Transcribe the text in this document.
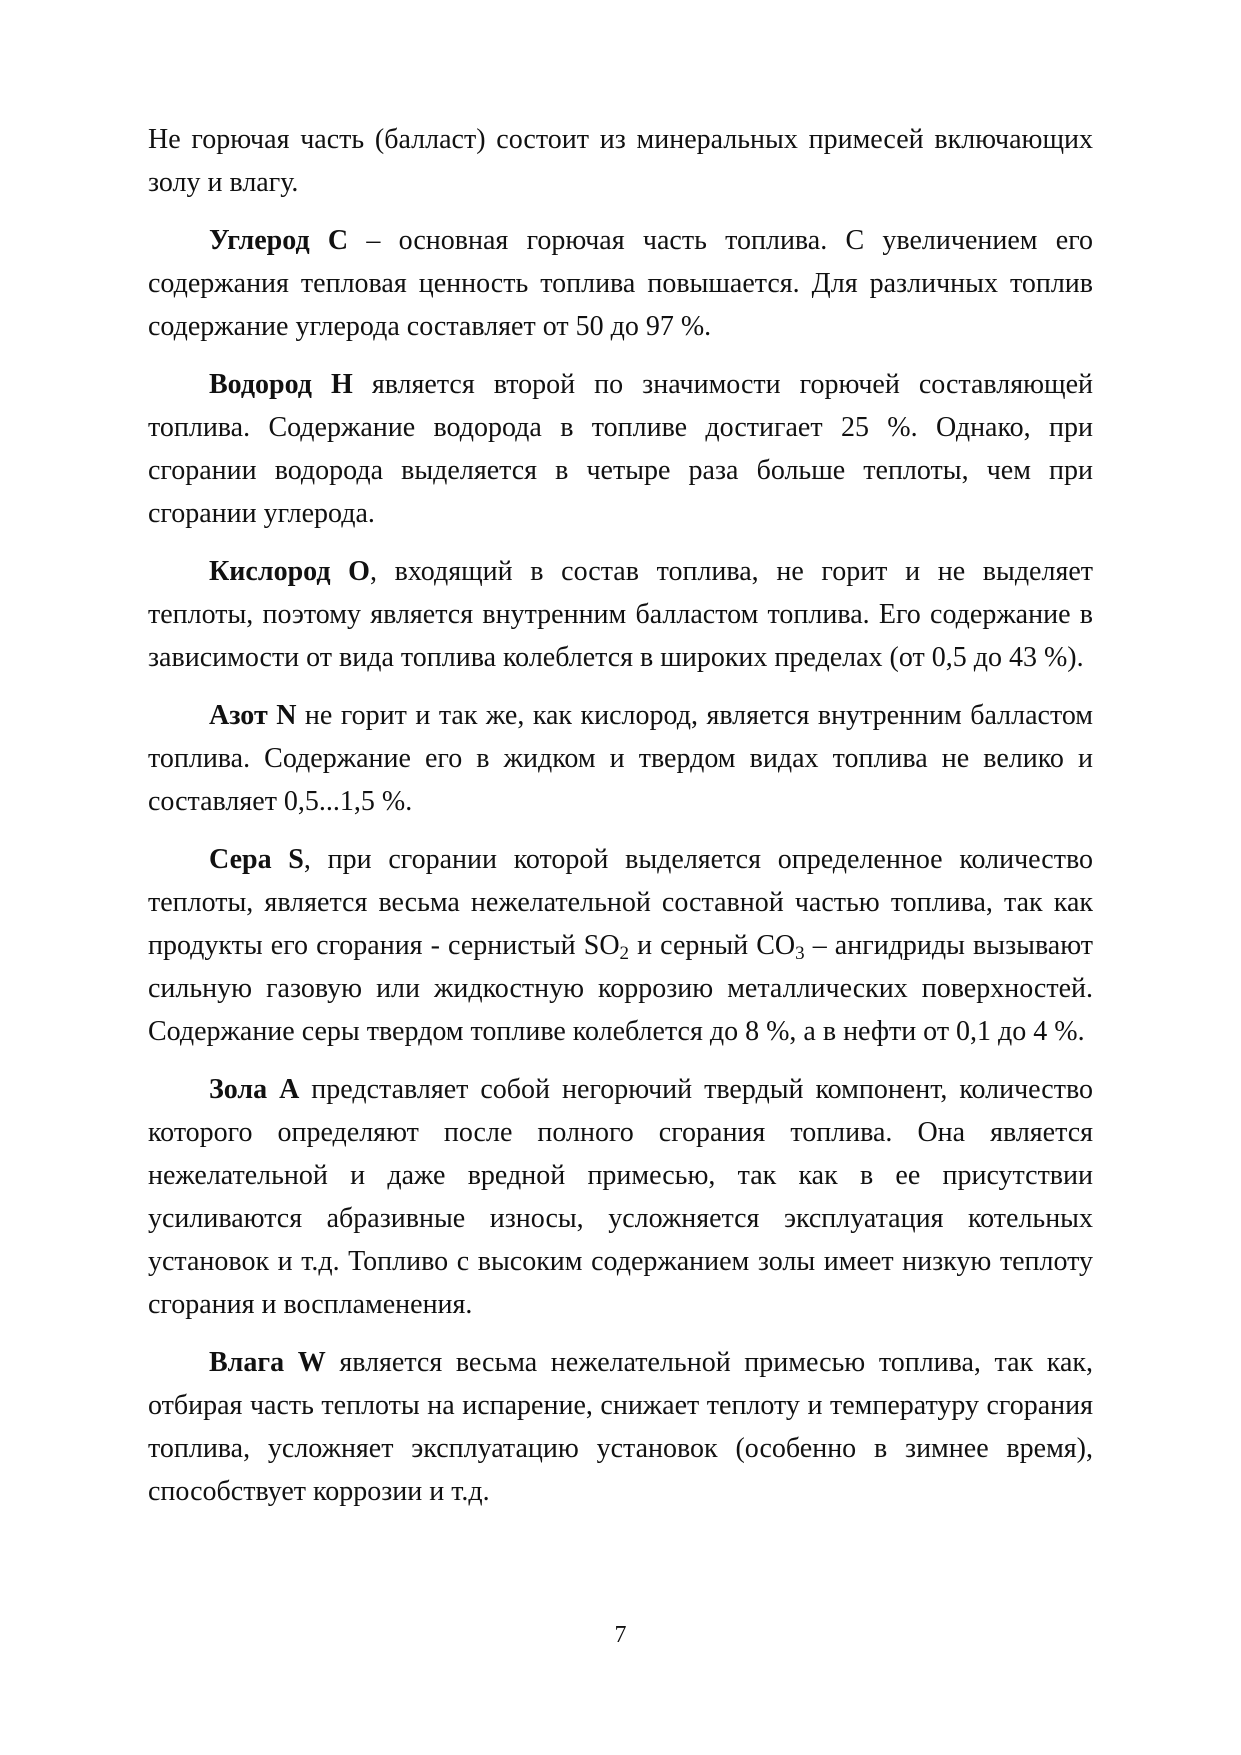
Не горючая часть (балласт) состоит из минеральных примесей включающих золу и влагу.

Углерод С – основная горючая часть топлива. С увеличением его содержания тепловая ценность топлива повышается. Для различных топлив содержание углерода составляет от 50 до 97 %.

Водород Н является второй по значимости горючей составляющей топлива. Содержание водорода в топливе достигает 25 %. Однако, при сгорании водорода выделяется в четыре раза больше теплоты, чем при сгорании углерода.

Кислород О, входящий в состав топлива, не горит и не выделяет теплоты, поэтому является внутренним балластом топлива. Его содержание в зависимости от вида топлива колеблется в широких пределах (от 0,5 до 43 %).

Азот N не горит и так же, как кислород, является внутренним балластом топлива. Содержание его в жидком и твердом видах топлива не велико и составляет 0,5...1,5 %.

Сера S, при сгорании которой выделяется определенное количество теплоты, является весьма нежелательной составной частью топлива, так как продукты его сгорания - сернистый $SO_2$ и серный $CO_3$ – ангидриды вызывают сильную газовую или жидкостную коррозию металлических поверхностей. Содержание серы твердом топливе колеблется до 8 %, а в нефти от 0,1 до 4 %.

Зола А представляет собой негорючий твердый компонент, количество которого определяют после полного сгорания топлива. Она является нежелательной и даже вредной примесью, так как в ее присутствии усиливаются абразивные износы, усложняется эксплуатация котельных установок и т.д. Топливо с высоким содержанием золы имеет низкую теплоту сгорания и воспламенения.

Влага W является весьма нежелательной примесью топлива, так как, отбирая часть теплоты на испарение, снижает теплоту и температуру сгорания топлива, усложняет эксплуатацию установок (особенно в зимнее время), способствует коррозии и т.д.

7
